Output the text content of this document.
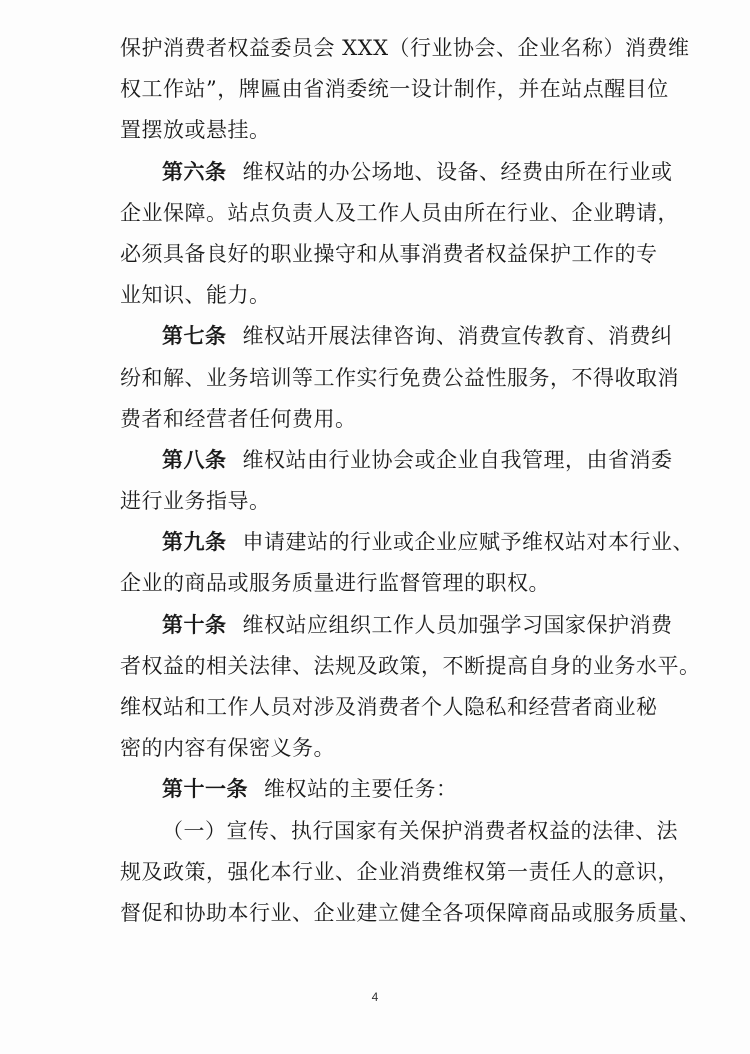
保护消费者权益委员会 XXX（行业协会、企业名称）消费维
权工作站”，牌匾由省消委统一设计制作，并在站点醒目位
置摆放或悬挂。
第六条 维权站的办公场地、设备、经费由所在行业或
企业保障。站点负责人及工作人员由所在行业、企业聘请，
必须具备良好的职业操守和从事消费者权益保护工作的专
业知识、能力。
第七条 维权站开展法律咨询、消费宣传教育、消费纠
纷和解、业务培训等工作实行免费公益性服务，不得收取消
费者和经营者任何费用。
第八条 维权站由行业协会或企业自我管理，由省消委
进行业务指导。
第九条 申请建站的行业或企业应赋予维权站对本行业、
企业的商品或服务质量进行监督管理的职权。
第十条 维权站应组织工作人员加强学习国家保护消费
者权益的相关法律、法规及政策，不断提高自身的业务水平。
维权站和工作人员对涉及消费者个人隐私和经营者商业秘
密的内容有保密义务。
第十一条 维权站的主要任务：
（一）宣传、执行国家有关保护消费者权益的法律、法
规及政策，强化本行业、企业消费维权第一责任人的意识，
督促和协助本行业、企业建立健全各项保障商品或服务质量、
4
